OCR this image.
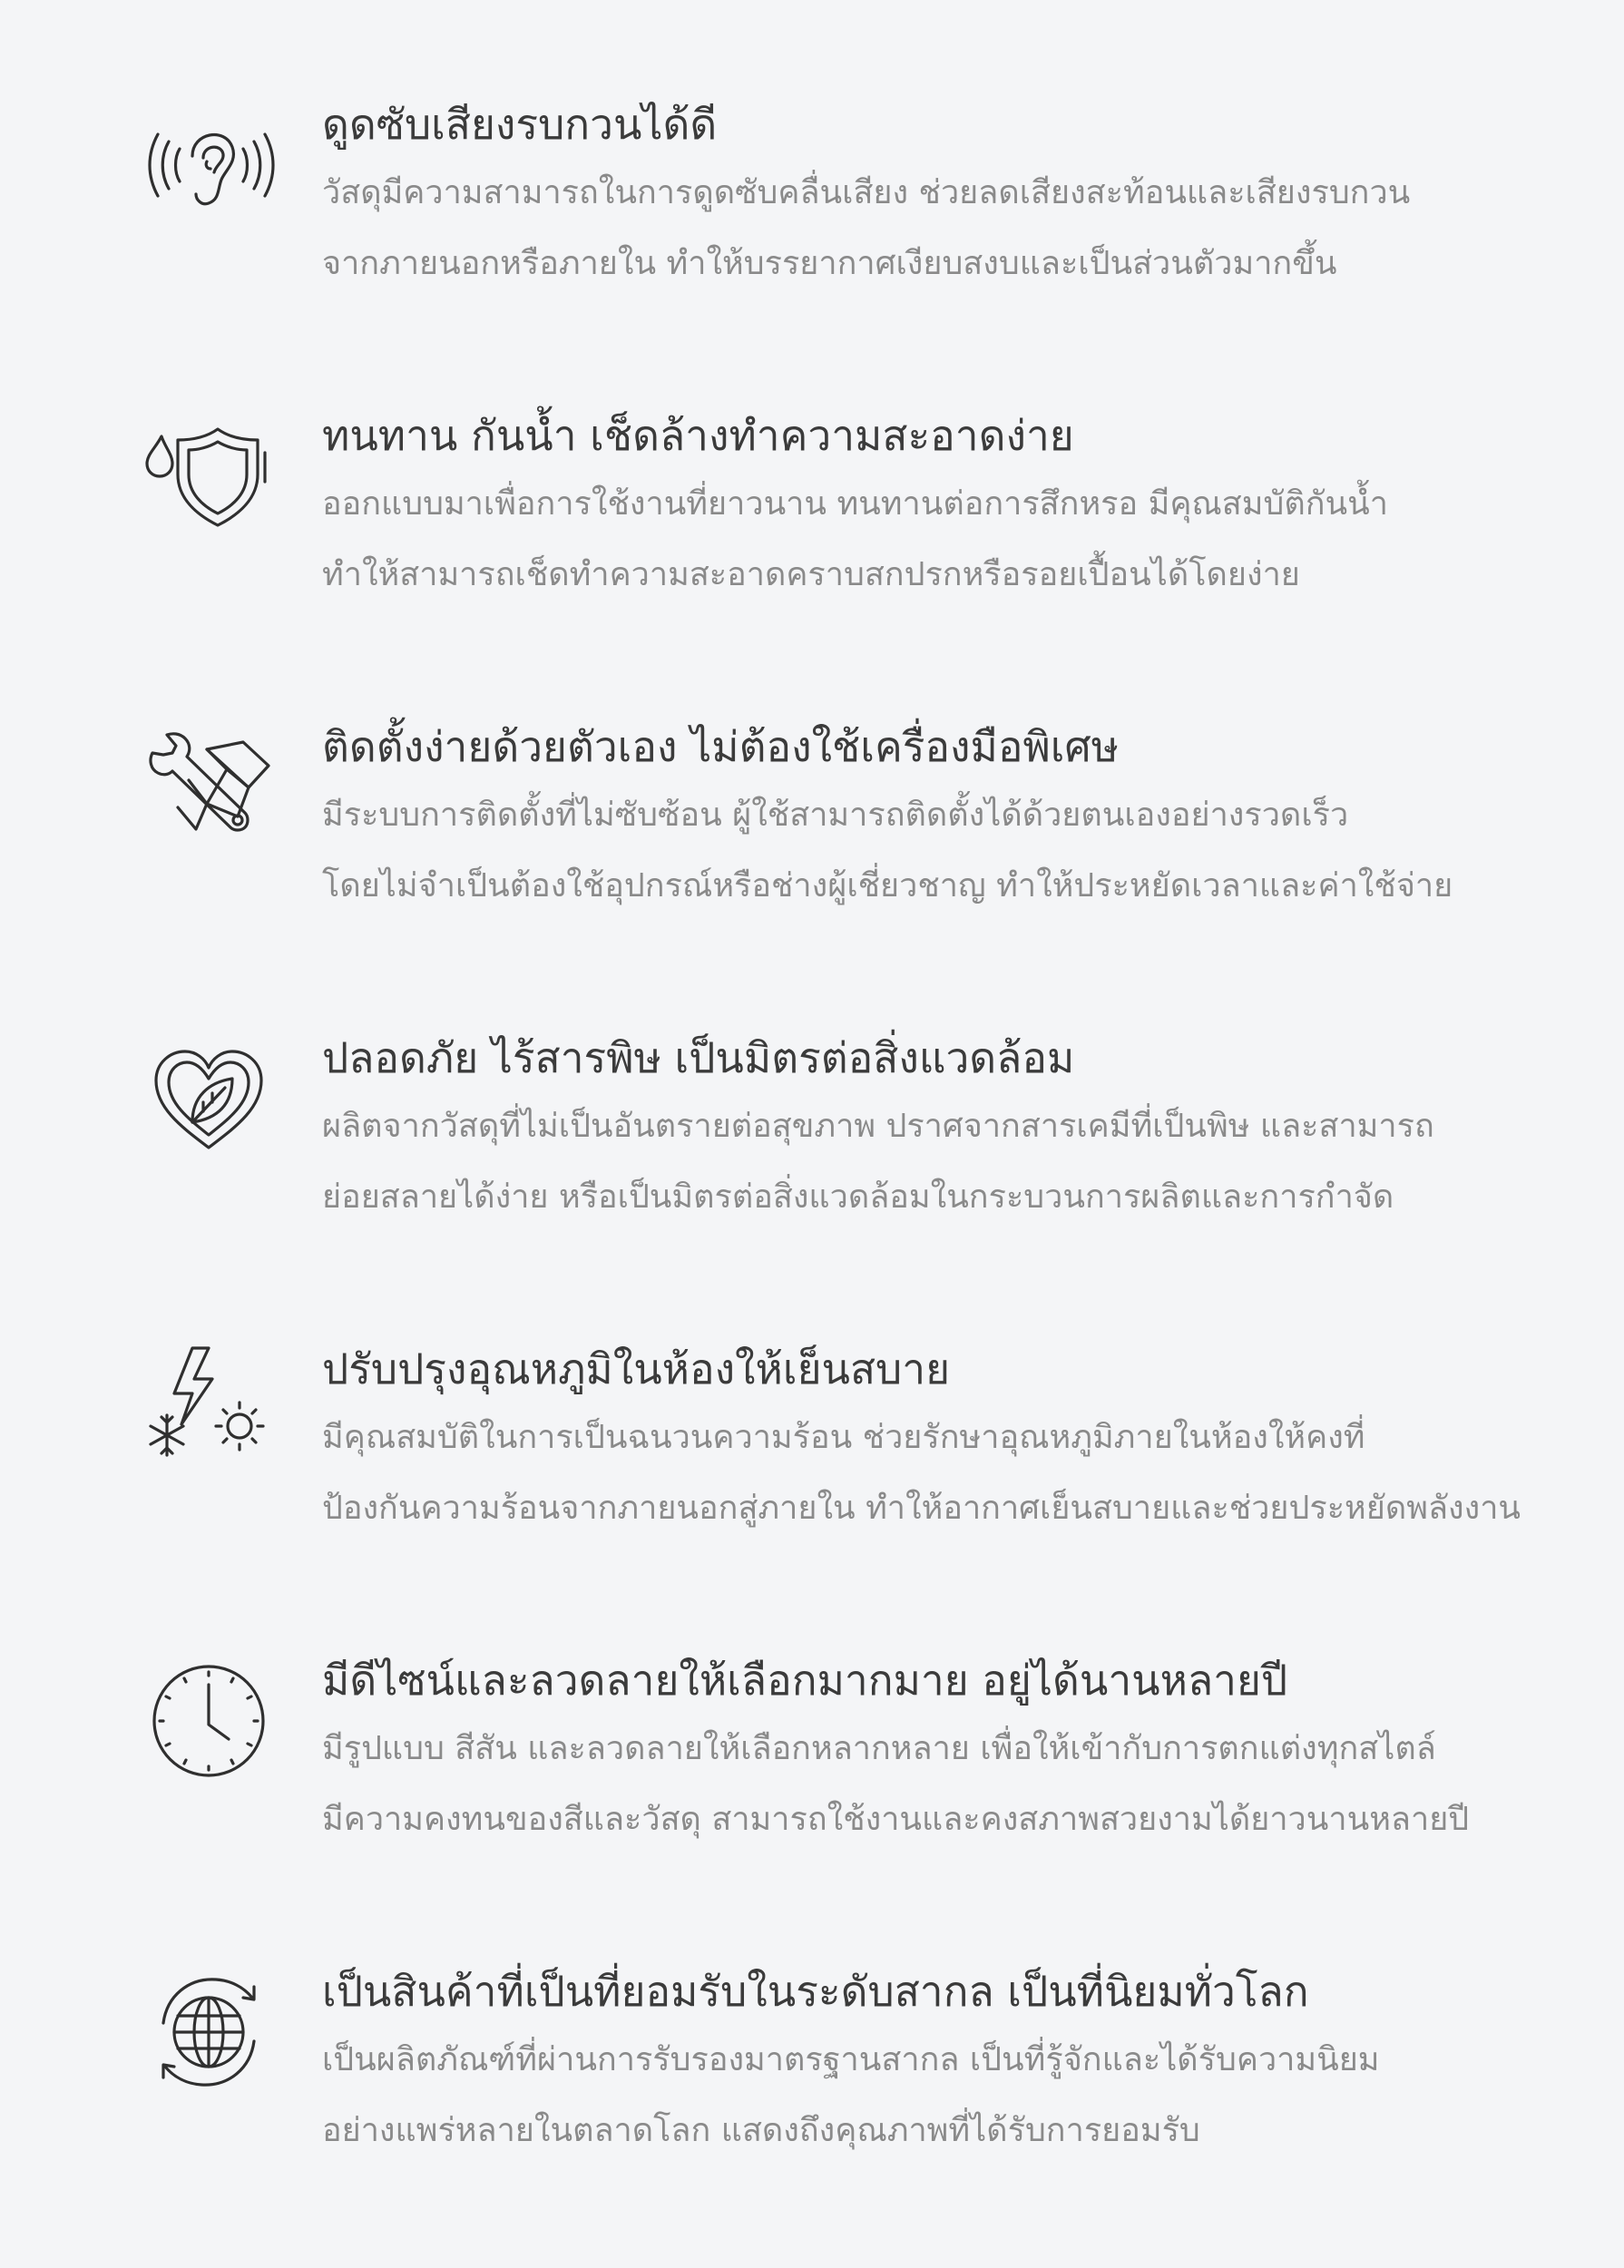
ดูดซับเสียงรบกวนได้ดี
วัสดุมีความสามารถในการดูดซับคลื่นเสียง ช่วยลดเสียงสะท้อนและเสียงรบกวน
จากภายนอกหรือภายใน ทำให้บรรยากาศเงียบสงบและเป็นส่วนตัวมากขึ้น
ทนทาน กันน้ำ เช็ดล้างทำความสะอาดง่าย
ออกแบบมาเพื่อการใช้งานที่ยาวนาน ทนทานต่อการสึกหรอ มีคุณสมบัติกันน้ำ
ทำให้สามารถเช็ดทำความสะอาดคราบสกปรกหรือรอยเปื้อนได้โดยง่าย
ติดตั้งง่ายด้วยตัวเอง ไม่ต้องใช้เครื่องมือพิเศษ
มีระบบการติดตั้งที่ไม่ซับซ้อน ผู้ใช้สามารถติดตั้งได้ด้วยตนเองอย่างรวดเร็ว
โดยไม่จำเป็นต้องใช้อุปกรณ์หรือช่างผู้เชี่ยวชาญ ทำให้ประหยัดเวลาและค่าใช้จ่าย
ปลอดภัย ไร้สารพิษ เป็นมิตรต่อสิ่งแวดล้อม
ผลิตจากวัสดุที่ไม่เป็นอันตรายต่อสุขภาพ ปราศจากสารเคมีที่เป็นพิษ และสามารถ
ย่อยสลายได้ง่าย หรือเป็นมิตรต่อสิ่งแวดล้อมในกระบวนการผลิตและการกำจัด
ปรับปรุงอุณหภูมิในห้องให้เย็นสบาย
มีคุณสมบัติในการเป็นฉนวนความร้อน ช่วยรักษาอุณหภูมิภายในห้องให้คงที่
ป้องกันความร้อนจากภายนอกสู่ภายใน ทำให้อากาศเย็นสบายและช่วยประหยัดพลังงาน
มีดีไซน์และลวดลายให้เลือกมากมาย อยู่ได้นานหลายปี
มีรูปแบบ สีสัน และลวดลายให้เลือกหลากหลาย เพื่อให้เข้ากับการตกแต่งทุกสไตล์
มีความคงทนของสีและวัสดุ สามารถใช้งานและคงสภาพสวยงามได้ยาวนานหลายปี
เป็นสินค้าที่เป็นที่ยอมรับในระดับสากล เป็นที่นิยมทั่วโลก
เป็นผลิตภัณฑ์ที่ผ่านการรับรองมาตรฐานสากล เป็นที่รู้จักและได้รับความนิยม
อย่างแพร่หลายในตลาดโลก แสดงถึงคุณภาพที่ได้รับการยอมรับ
